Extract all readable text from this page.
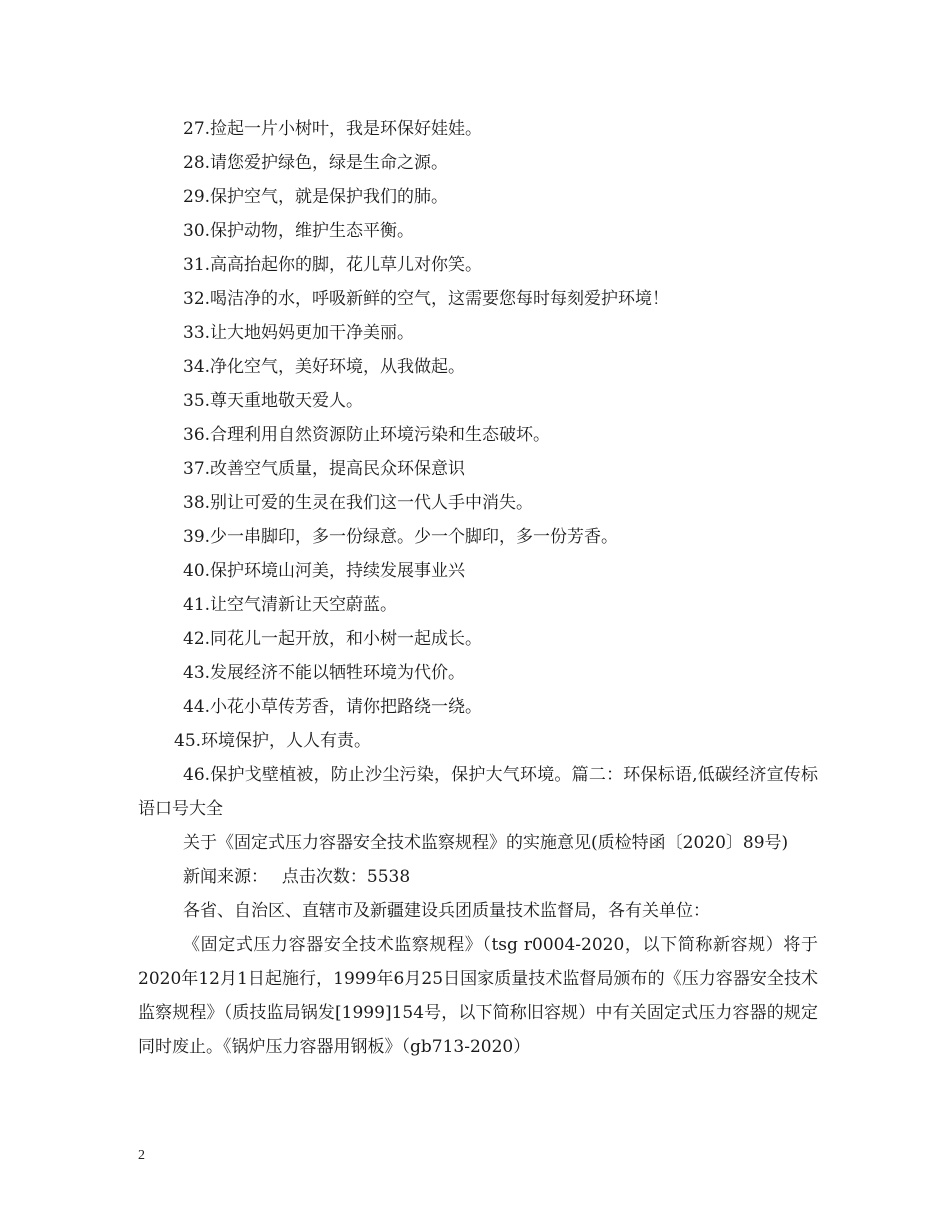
27.捡起一片小树叶，我是环保好娃娃。
28.请您爱护绿色，绿是生命之源。
29.保护空气，就是保护我们的肺。
30.保护动物，维护生态平衡。
31.高高抬起你的脚，花儿草儿对你笑。
32.喝洁净的水，呼吸新鲜的空气，这需要您每时每刻爱护环境！
33.让大地妈妈更加干净美丽。
34.净化空气，美好环境，从我做起。
35.尊天重地敬天爱人。
36.合理利用自然资源防止环境污染和生态破坏。
37.改善空气质量，提高民众环保意识
38.别让可爱的生灵在我们这一代人手中消失。
39.少一串脚印，多一份绿意。少一个脚印，多一份芳香。
40.保护环境山河美，持续发展事业兴
41.让空气清新让天空蔚蓝。
42.同花儿一起开放，和小树一起成长。
43.发展经济不能以牺牲环境为代价。
44.小花小草传芳香，请你把路绕一绕。
45.环境保护，人人有责。
46.保护戈壁植被，防止沙尘污染，保护大气环境。篇二：环保标语,低碳经济宣传标语口号大全
关于《固定式压力容器安全技术监察规程》的实施意见(质检特函〔2020〕89号)
新闻来源：　 点击次数：5538
各省、自治区、直辖市及新疆建设兵团质量技术监督局，各有关单位：
《固定式压力容器安全技术监察规程》（tsg r0004-2020，以下简称新容规）将于2020年12月1日起施行，1999年6月25日国家质量技术监督局颁布的《压力容器安全技术监察规程》（质技监局锅发[1999]154号，以下简称旧容规）中有关固定式压力容器的规定同时废止。《锅炉压力容器用钢板》（gb713-2020）
2
